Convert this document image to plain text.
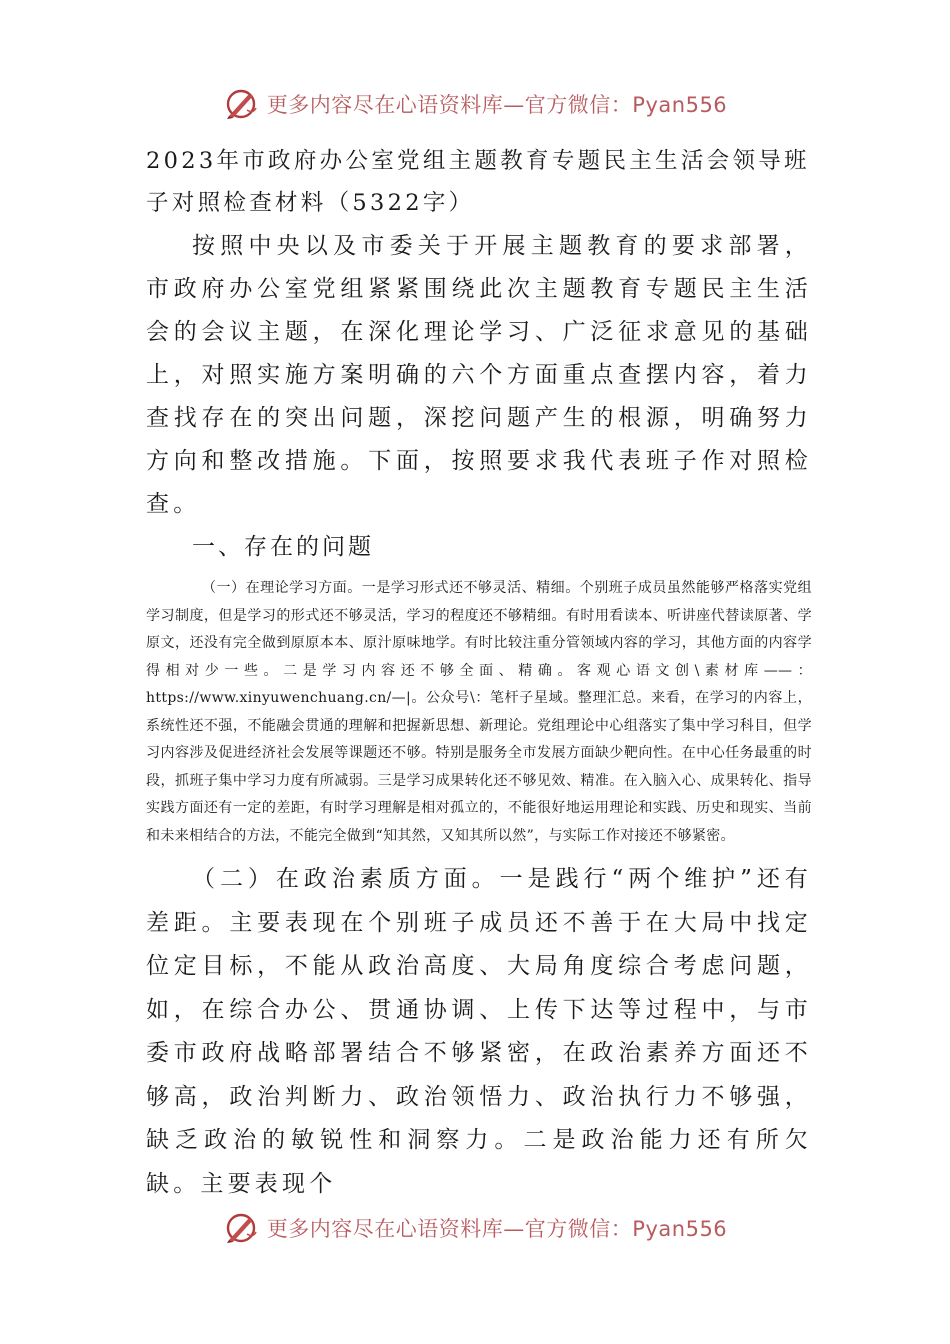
更多内容尽在心语资料库—官方微信：Pyan556
2023年市政府办公室党组主题教育专题民主生活会领导班子对照检查材料（5322字）

按照中央以及市委关于开展主题教育的要求部署，市政府办公室党组紧紧围绕此次主题教育专题民主生活会的会议主题，在深化理论学习、广泛征求意见的基础上，对照实施方案明确的六个方面重点查摆内容，着力查找存在的突出问题，深挖问题产生的根源，明确努力方向和整改措施。下面，按照要求我代表班子作对照检查。

一、存在的问题

（一）在理论学习方面。一是学习形式还不够灵活、精细。个别班子成员虽然能够严格落实党组学习制度，但是学习的形式还不够灵活，学习的程度还不够精细。有时用看读本、听讲座代替读原著、学原文，还没有完全做到原原本本、原汁原味地学。有时比较注重分管领域内容的学习，其他方面的内容学得相对少一些。二是学习内容还不够全面、精确。客观心语文创\素材库——：https://www.xinyuwenchuang.cn/—|。公众号\：笔杆子星域。整理汇总。来看，在学习的内容上，系统性还不强，不能融会贯通的理解和把握新思想、新理论。党组理论中心组落实了集中学习科目，但学习内容涉及促进经济社会发展等课题还不够。特别是服务全市发展方面缺少靶向性。在中心任务最重的时段，抓班子集中学习力度有所减弱。三是学习成果转化还不够见效、精准。在入脑入心、成果转化、指导实践方面还有一定的差距，有时学习理解是相对孤立的，不能很好地运用理论和实践、历史和现实、当前和未来相结合的方法，不能完全做到“知其然，又知其所以然”，与实际工作对接还不够紧密。

（二）在政治素质方面。一是践行“两个维护”还有差距。主要表现在个别班子成员还不善于在大局中找定位定目标，不能从政治高度、大局角度综合考虑问题，如，在综合办公、贯通协调、上传下达等过程中，与市委市政府战略部署结合不够紧密，在政治素养方面还不够高，政治判断力、政治领悟力、政治执行力不够强，缺乏政治的敏锐性和洞察力。二是政治能力还有所欠缺。主要表现个

更多内容尽在心语资料库—官方微信：Pyan556
